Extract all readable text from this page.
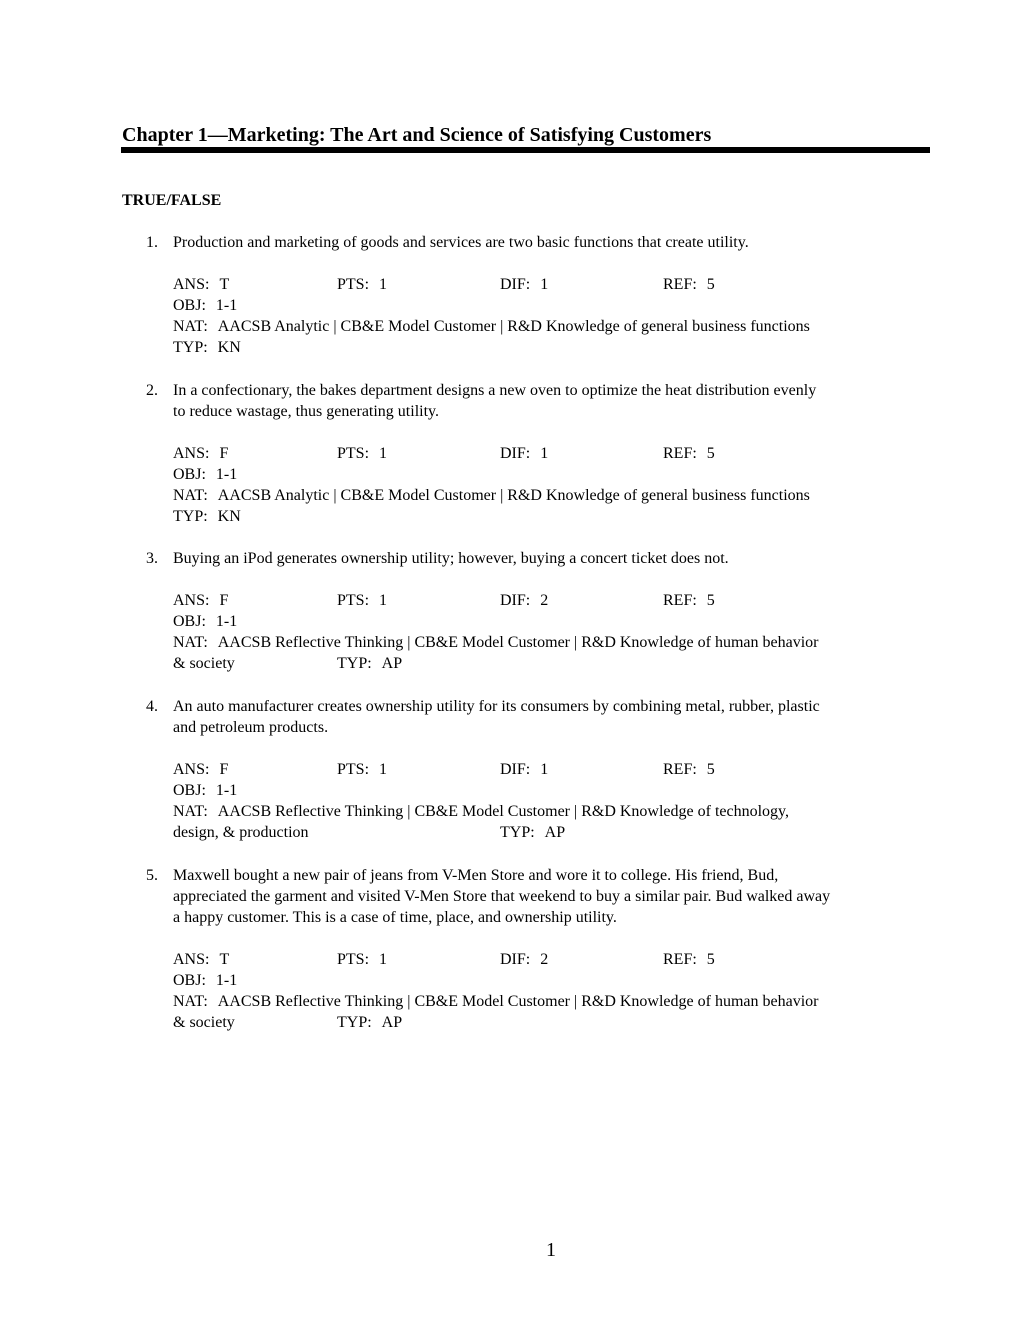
Chapter 1—Marketing: The Art and Science of Satisfying Customers
TRUE/FALSE
1. Production and marketing of goods and services are two basic functions that create utility.
ANS: T	PTS: 1	DIF: 1	REF: 5
OBJ: 1-1
NAT: AACSB Analytic | CB&E Model Customer | R&D Knowledge of general business functions
TYP: KN
2. In a confectionary, the bakes department designs a new oven to optimize the heat distribution evenly
to reduce wastage, thus generating utility.
ANS: F	PTS: 1	DIF: 1	REF: 5
OBJ: 1-1
NAT: AACSB Analytic | CB&E Model Customer | R&D Knowledge of general business functions
TYP: KN
3. Buying an iPod generates ownership utility; however, buying a concert ticket does not.
ANS: F	PTS: 1	DIF: 2	REF: 5
OBJ: 1-1
NAT: AACSB Reflective Thinking | CB&E Model Customer | R&D Knowledge of human behavior
& society	TYP: AP
4. An auto manufacturer creates ownership utility for its consumers by combining metal, rubber, plastic
and petroleum products.
ANS: F	PTS: 1	DIF: 1	REF: 5
OBJ: 1-1
NAT: AACSB Reflective Thinking | CB&E Model Customer | R&D Knowledge of technology,
design, & production	TYP: AP
5. Maxwell bought a new pair of jeans from V-Men Store and wore it to college. His friend, Bud,
appreciated the garment and visited V-Men Store that weekend to buy a similar pair. Bud walked away
a happy customer. This is a case of time, place, and ownership utility.
ANS: T	PTS: 1	DIF: 2	REF: 5
OBJ: 1-1
NAT: AACSB Reflective Thinking | CB&E Model Customer | R&D Knowledge of human behavior
& society	TYP: AP
1
